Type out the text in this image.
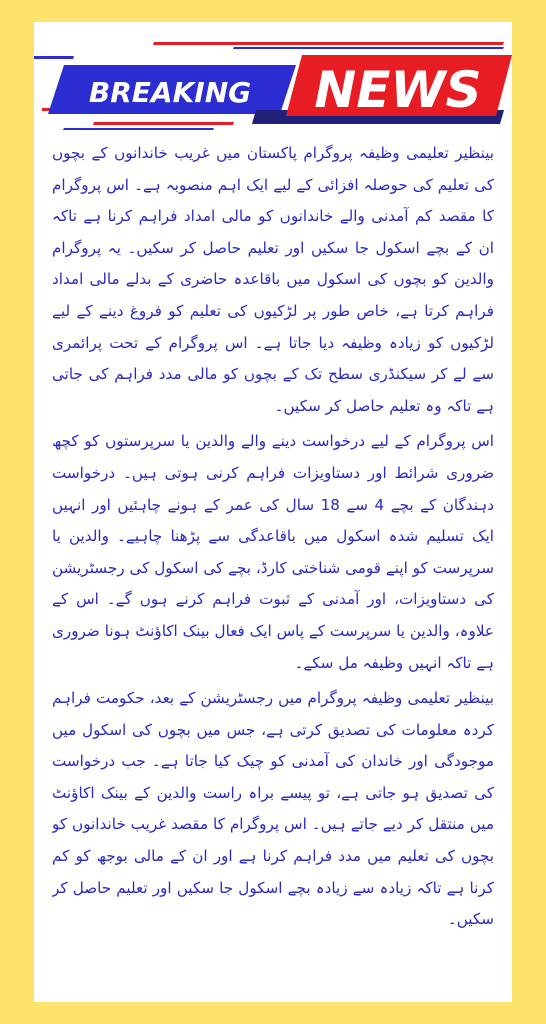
BREAKING NEWS

بینظیر تعلیمی وظیفہ پروگرام پاکستان میں غریب خاندانوں کے بچوں کی تعلیم کی حوصلہ افزائی کے لیے ایک اہم منصوبہ ہے۔ اس پروگرام کا مقصد کم آمدنی والے خاندانوں کو مالی امداد فراہم کرنا ہے تاکہ ان کے بچے اسکول جا سکیں اور تعلیم حاصل کر سکیں۔ یہ پروگرام والدین کو بچوں کی اسکول میں باقاعدہ حاضری کے بدلے مالی امداد فراہم کرتا ہے، خاص طور پر لڑکیوں کی تعلیم کو فروغ دینے کے لیے لڑکیوں کو زیادہ وظیفہ دیا جاتا ہے۔ اس پروگرام کے تحت پرائمری سے لے کر سیکنڈری سطح تک کے بچوں کو مالی مدد فراہم کی جاتی ہے تاکہ وہ تعلیم حاصل کر سکیں۔

اس پروگرام کے لیے درخواست دینے والے والدین یا سرپرستوں کو کچھ ضروری شرائط اور دستاویزات فراہم کرنی ہوتی ہیں۔ درخواست دہندگان کے بچے 4 سے 18 سال کی عمر کے ہونے چاہئیں اور انہیں ایک تسلیم شدہ اسکول میں باقاعدگی سے پڑھنا چاہیے۔ والدین یا سرپرست کو اپنے قومی شناختی کارڈ، بچے کی اسکول کی رجسٹریشن کی دستاویزات، اور آمدنی کے ثبوت فراہم کرنے ہوں گے۔ اس کے علاوہ، والدین یا سرپرست کے پاس ایک فعال بینک اکاؤنٹ ہونا ضروری ہے تاکہ انہیں وظیفہ مل سکے۔

بینظیر تعلیمی وظیفہ پروگرام میں رجسٹریشن کے بعد، حکومت فراہم کردہ معلومات کی تصدیق کرتی ہے، جس میں بچوں کی اسکول میں موجودگی اور خاندان کی آمدنی کو چیک کیا جاتا ہے۔ جب درخواست کی تصدیق ہو جاتی ہے، تو پیسے براہ راست والدین کے بینک اکاؤنٹ میں منتقل کر دیے جاتے ہیں۔ اس پروگرام کا مقصد غریب خاندانوں کو بچوں کی تعلیم میں مدد فراہم کرنا ہے اور ان کے مالی بوجھ کو کم کرنا ہے تاکہ زیادہ سے زیادہ بچے اسکول جا سکیں اور تعلیم حاصل کر سکیں۔
